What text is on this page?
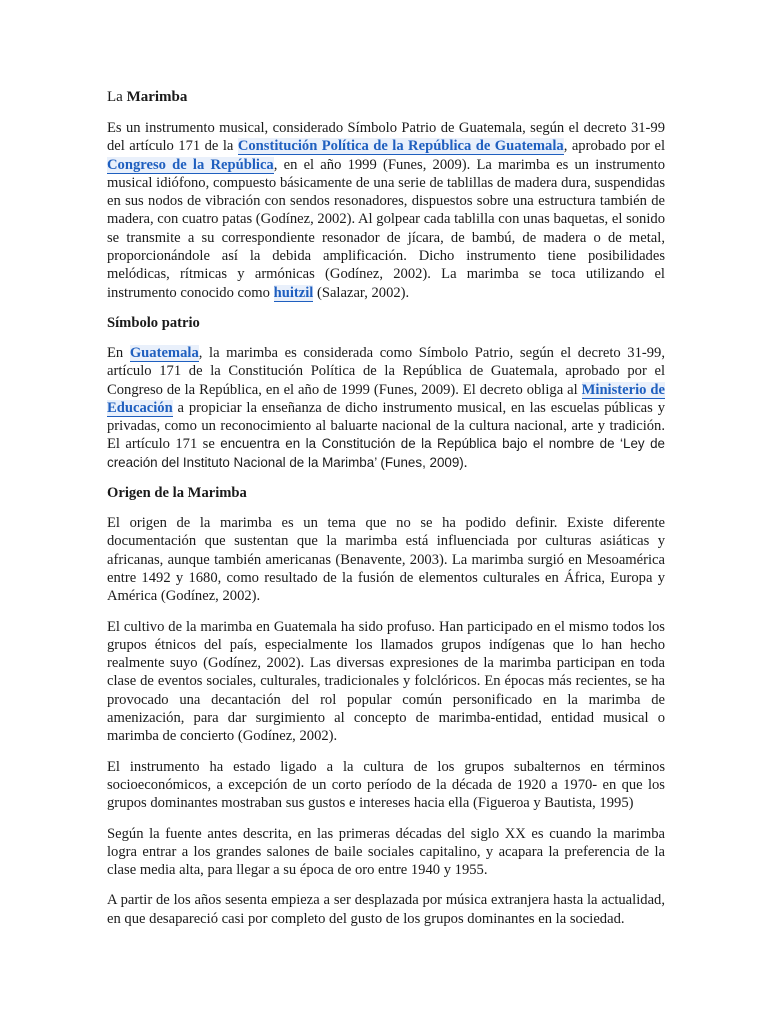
La Marimba

Es un instrumento musical, considerado Símbolo Patrio de Guatemala, según el decreto 31-99 del artículo 171 de la Constitución Política de la República de Guatemala, aprobado por el Congreso de la República, en el año 1999 (Funes, 2009). La marimba es un instrumento musical idiófono, compuesto básicamente de una serie de tablillas de madera dura, suspendidas en sus nodos de vibración con sendos resonadores, dispuestos sobre una estructura también de madera, con cuatro patas (Godínez, 2002). Al golpear cada tablilla con unas baquetas, el sonido se transmite a su correspondiente resonador de jícara, de bambú, de madera o de metal, proporcionándole así la debida amplificación. Dicho instrumento tiene posibilidades melódicas, rítmicas y armónicas (Godínez, 2002). La marimba se toca utilizando el instrumento conocido como huitzil (Salazar, 2002).

Símbolo patrio

En Guatemala, la marimba es considerada como Símbolo Patrio, según el decreto 31-99, artículo 171 de la Constitución Política de la República de Guatemala, aprobado por el Congreso de la República, en el año de 1999 (Funes, 2009). El decreto obliga al Ministerio de Educación a propiciar la enseñanza de dicho instrumento musical, en las escuelas públicas y privadas, como un reconocimiento al baluarte nacional de la cultura nacional, arte y tradición. El artículo 171 se encuentra en la Constitución de la República bajo el nombre de ‘Ley de creación del Instituto Nacional de la Marimba’ (Funes, 2009).

Origen de la Marimba

El origen de la marimba es un tema que no se ha podido definir. Existe diferente documentación que sustentan que la marimba está influenciada por culturas asiáticas y africanas, aunque también americanas (Benavente, 2003). La marimba surgió en Mesoamérica entre 1492 y 1680, como resultado de la fusión de elementos culturales en África, Europa y América (Godínez, 2002).

El cultivo de la marimba en Guatemala ha sido profuso. Han participado en el mismo todos los grupos étnicos del país, especialmente los llamados grupos indígenas que lo han hecho realmente suyo (Godínez, 2002). Las diversas expresiones de la marimba participan en toda clase de eventos sociales, culturales, tradicionales y folclóricos. En épocas más recientes, se ha provocado una decantación del rol popular común personificado en la marimba de amenización, para dar surgimiento al concepto de marimba-entidad, entidad musical o marimba de concierto (Godínez, 2002).

El instrumento ha estado ligado a la cultura de los grupos subalternos en términos socioeconómicos, a excepción de un corto período de la década de 1920 a 1970- en que los grupos dominantes mostraban sus gustos e intereses hacia ella (Figueroa y Bautista, 1995)

Según la fuente antes descrita, en las primeras décadas del siglo XX es cuando la marimba logra entrar a los grandes salones de baile sociales capitalino, y acapara la preferencia de la clase media alta, para llegar a su época de oro entre 1940 y 1955.

A partir de los años sesenta empieza a ser desplazada por música extranjera hasta la actualidad, en que desapareció casi por completo del gusto de los grupos dominantes en la sociedad.
